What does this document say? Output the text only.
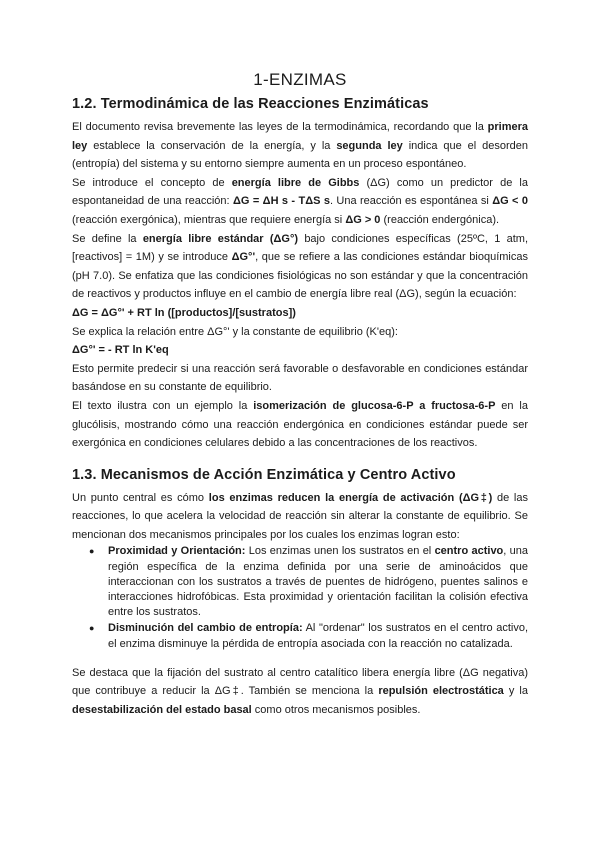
1-ENZIMAS
1.2. Termodinámica de las Reacciones Enzimáticas

El documento revisa brevemente las leyes de la termodinámica, recordando que la primera ley establece la conservación de la energía, y la segunda ley indica que el desorden (entropía) del sistema y su entorno siempre aumenta en un proceso espontáneo.

Se introduce el concepto de energía libre de Gibbs (ΔG) como un predictor de la espontaneidad de una reacción: ΔG = ΔH s - TΔS s. Una reacción es espontánea si ΔG < 0 (reacción exergónica), mientras que requiere energía si ΔG > 0 (reacción endergónica).

Se define la energía libre estándar (ΔG°) bajo condiciones específicas (25ºC, 1 atm, [reactivos] = 1M) y se introduce ΔG°', que se refiere a las condiciones estándar bioquímicas (pH 7.0). Se enfatiza que las condiciones fisiológicas no son estándar y que la concentración de reactivos y productos influye en el cambio de energía libre real (ΔG), según la ecuación:

ΔG = ΔG°' + RT ln ([productos]/[sustratos])

Se explica la relación entre ΔG°' y la constante de equilibrio (K'eq):

ΔG°' = - RT ln K'eq

Esto permite predecir si una reacción será favorable o desfavorable en condiciones estándar basándose en su constante de equilibrio.

El texto ilustra con un ejemplo la isomerización de glucosa-6-P a fructosa-6-P en la glucólisis, mostrando cómo una reacción endergónica en condiciones estándar puede ser exergónica en condiciones celulares debido a las concentraciones de los reactivos.

1.3. Mecanismos de Acción Enzimática y Centro Activo

Un punto central es cómo los enzimas reducen la energía de activación (ΔG‡) de las reacciones, lo que acelera la velocidad de reacción sin alterar la constante de equilibrio. Se mencionan dos mecanismos principales por los cuales los enzimas logran esto:

● Proximidad y Orientación: Los enzimas unen los sustratos en el centro activo, una región específica de la enzima definida por una serie de aminoácidos que interaccionan con los sustratos a través de puentes de hidrógeno, puentes salinos e interacciones hidrofóbicas. Esta proximidad y orientación facilitan la colisión efectiva entre los sustratos.
● Disminución del cambio de entropía: Al "ordenar" los sustratos en el centro activo, el enzima disminuye la pérdida de entropía asociada con la reacción no catalizada.

Se destaca que la fijación del sustrato al centro catalítico libera energía libre (ΔG negativa) que contribuye a reducir la ΔG‡. También se menciona la repulsión electrostática y la desestabilización del estado basal como otros mecanismos posibles.
